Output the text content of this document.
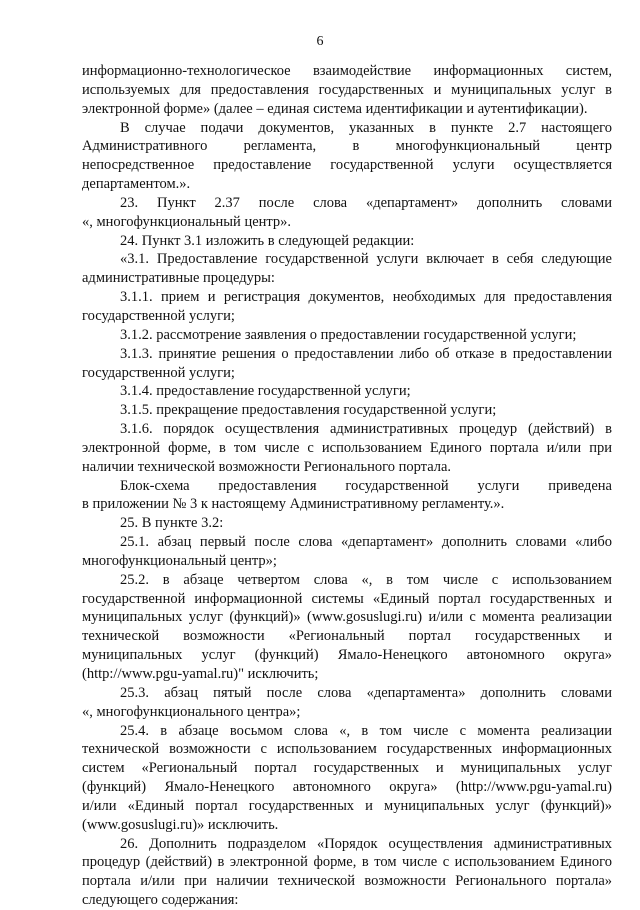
6
информационно-технологическое взаимодействие информационных систем,
используемых для предоставления государственных и муниципальных услуг в
электронной форме» (далее – единая система идентификации и аутентификации).
В случае подачи документов, указанных в пункте 2.7 настоящего
Административного регламента, в многофункциональный центр
непосредственное предоставление государственной услуги осуществляется
департаментом.».
23. Пункт 2.37 после слова «департамент» дополнить словами
«, многофункциональный центр».
24. Пункт 3.1 изложить в следующей редакции:
«3.1. Предоставление государственной услуги включает в себя следующие
административные процедуры:
3.1.1. прием и регистрация документов, необходимых для предоставления
государственной услуги;
3.1.2. рассмотрение заявления о предоставлении государственной услуги;
3.1.3. принятие решения о предоставлении либо об отказе в предоставлении
государственной услуги;
3.1.4. предоставление государственной услуги;
3.1.5. прекращение предоставления государственной услуги;
3.1.6. порядок осуществления административных процедур (действий) в
электронной форме, в том числе с использованием Единого портала и/или при
наличии технической возможности Регионального портала.
Блок-схема предоставления государственной услуги приведена
в приложении № 3 к настоящему Административному регламенту.».
25. В пункте 3.2:
25.1. абзац первый после слова «департамент» дополнить словами «либо
многофункциональный центр»;
25.2. в абзаце четвертом слова «, в том числе с использованием
государственной информационной системы «Единый портал государственных и
муниципальных услуг (функций)» (www.gosuslugi.ru) и/или с момента реализации
технической возможности «Региональный портал государственных и
муниципальных услуг (функций) Ямало-Ненецкого автономного округа»
(http://www.pgu-yamal.ru)" исключить;
25.3. абзац пятый после слова «департамента» дополнить словами
«, многофункционального центра»;
25.4. в абзаце восьмом слова «, в том числе с момента реализации
технической возможности с использованием государственных информационных
систем «Региональный портал государственных и муниципальных услуг
(функций) Ямало-Ненецкого автономного округа» (http://www.pgu-yamal.ru)
и/или «Единый портал государственных и муниципальных услуг (функций)»
(www.gosuslugi.ru)» исключить.
26. Дополнить подразделом «Порядок осуществления административных
процедур (действий) в электронной форме, в том числе с использованием Единого
портала и/или при наличии технической возможности Регионального портала»
следующего содержания:
